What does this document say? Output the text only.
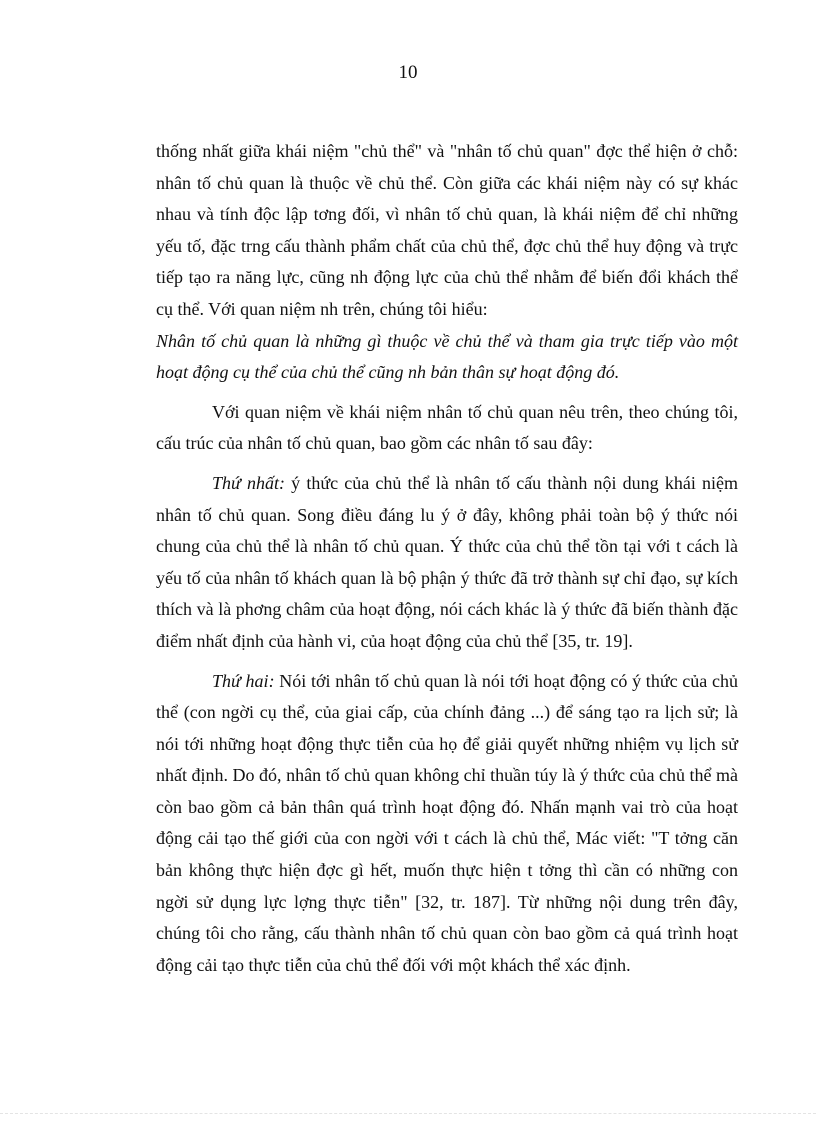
10

thống nhất giữa khái niệm "chủ thể" và "nhân tố chủ quan" đợc thể hiện ở chỗ: nhân tố chủ quan là thuộc về chủ thể. Còn giữa các khái niệm này có sự khác nhau và tính độc lập tơng đối, vì nhân tố chủ quan, là khái niệm để chỉ những yếu tố, đặc trng cấu thành phẩm chất của chủ thể, đợc chủ thể huy động và trực tiếp tạo ra năng lực, cũng nh động lực của chủ thể nhằm để biến đổi khách thể cụ thể. Với quan niệm nh trên, chúng tôi hiểu:
Nhân tố chủ quan là những gì thuộc về chủ thể và tham gia trực tiếp vào một hoạt động cụ thể của chủ thể cũng nh bản thân sự hoạt động đó.

Với quan niệm về khái niệm nhân tố chủ quan nêu trên, theo chúng tôi, cấu trúc của nhân tố chủ quan, bao gồm các nhân tố sau đây:

Thứ nhất: ý thức của chủ thể là nhân tố cấu thành nội dung khái niệm nhân tố chủ quan. Song điều đáng lu ý ở đây, không phải toàn bộ ý thức nói chung của chủ thể là nhân tố chủ quan. Ý thức của chủ thể tồn tại với t cách là yếu tố của nhân tố khách quan là bộ phận ý thức đã trở thành sự chỉ đạo, sự kích thích và là phơng châm của hoạt động, nói cách khác là ý thức đã biến thành đặc điểm nhất định của hành vi, của hoạt động của chủ thể [35, tr. 19].

Thứ hai: Nói tới nhân tố chủ quan là nói tới hoạt động có ý thức của chủ thể (con ngời cụ thể, của giai cấp, của chính đảng ...) để sáng tạo ra lịch sử; là nói tới những hoạt động thực tiễn của họ để giải quyết những nhiệm vụ lịch sử nhất định. Do đó, nhân tố chủ quan không chỉ thuần túy là ý thức của chủ thể mà còn bao gồm cả bản thân quá trình hoạt động đó. Nhấn mạnh vai trò của hoạt động cải tạo thế giới của con ngời với t cách là chủ thể, Mác viết: "T tởng căn bản không thực hiện đợc gì hết, muốn thực hiện t tởng thì cần có những con ngời sử dụng lực lợng thực tiễn" [32, tr. 187]. Từ những nội dung trên đây, chúng tôi cho rằng, cấu thành nhân tố chủ quan còn bao gồm cả quá trình hoạt động cải tạo thực tiễn của chủ thể đối với một khách thể xác định.
